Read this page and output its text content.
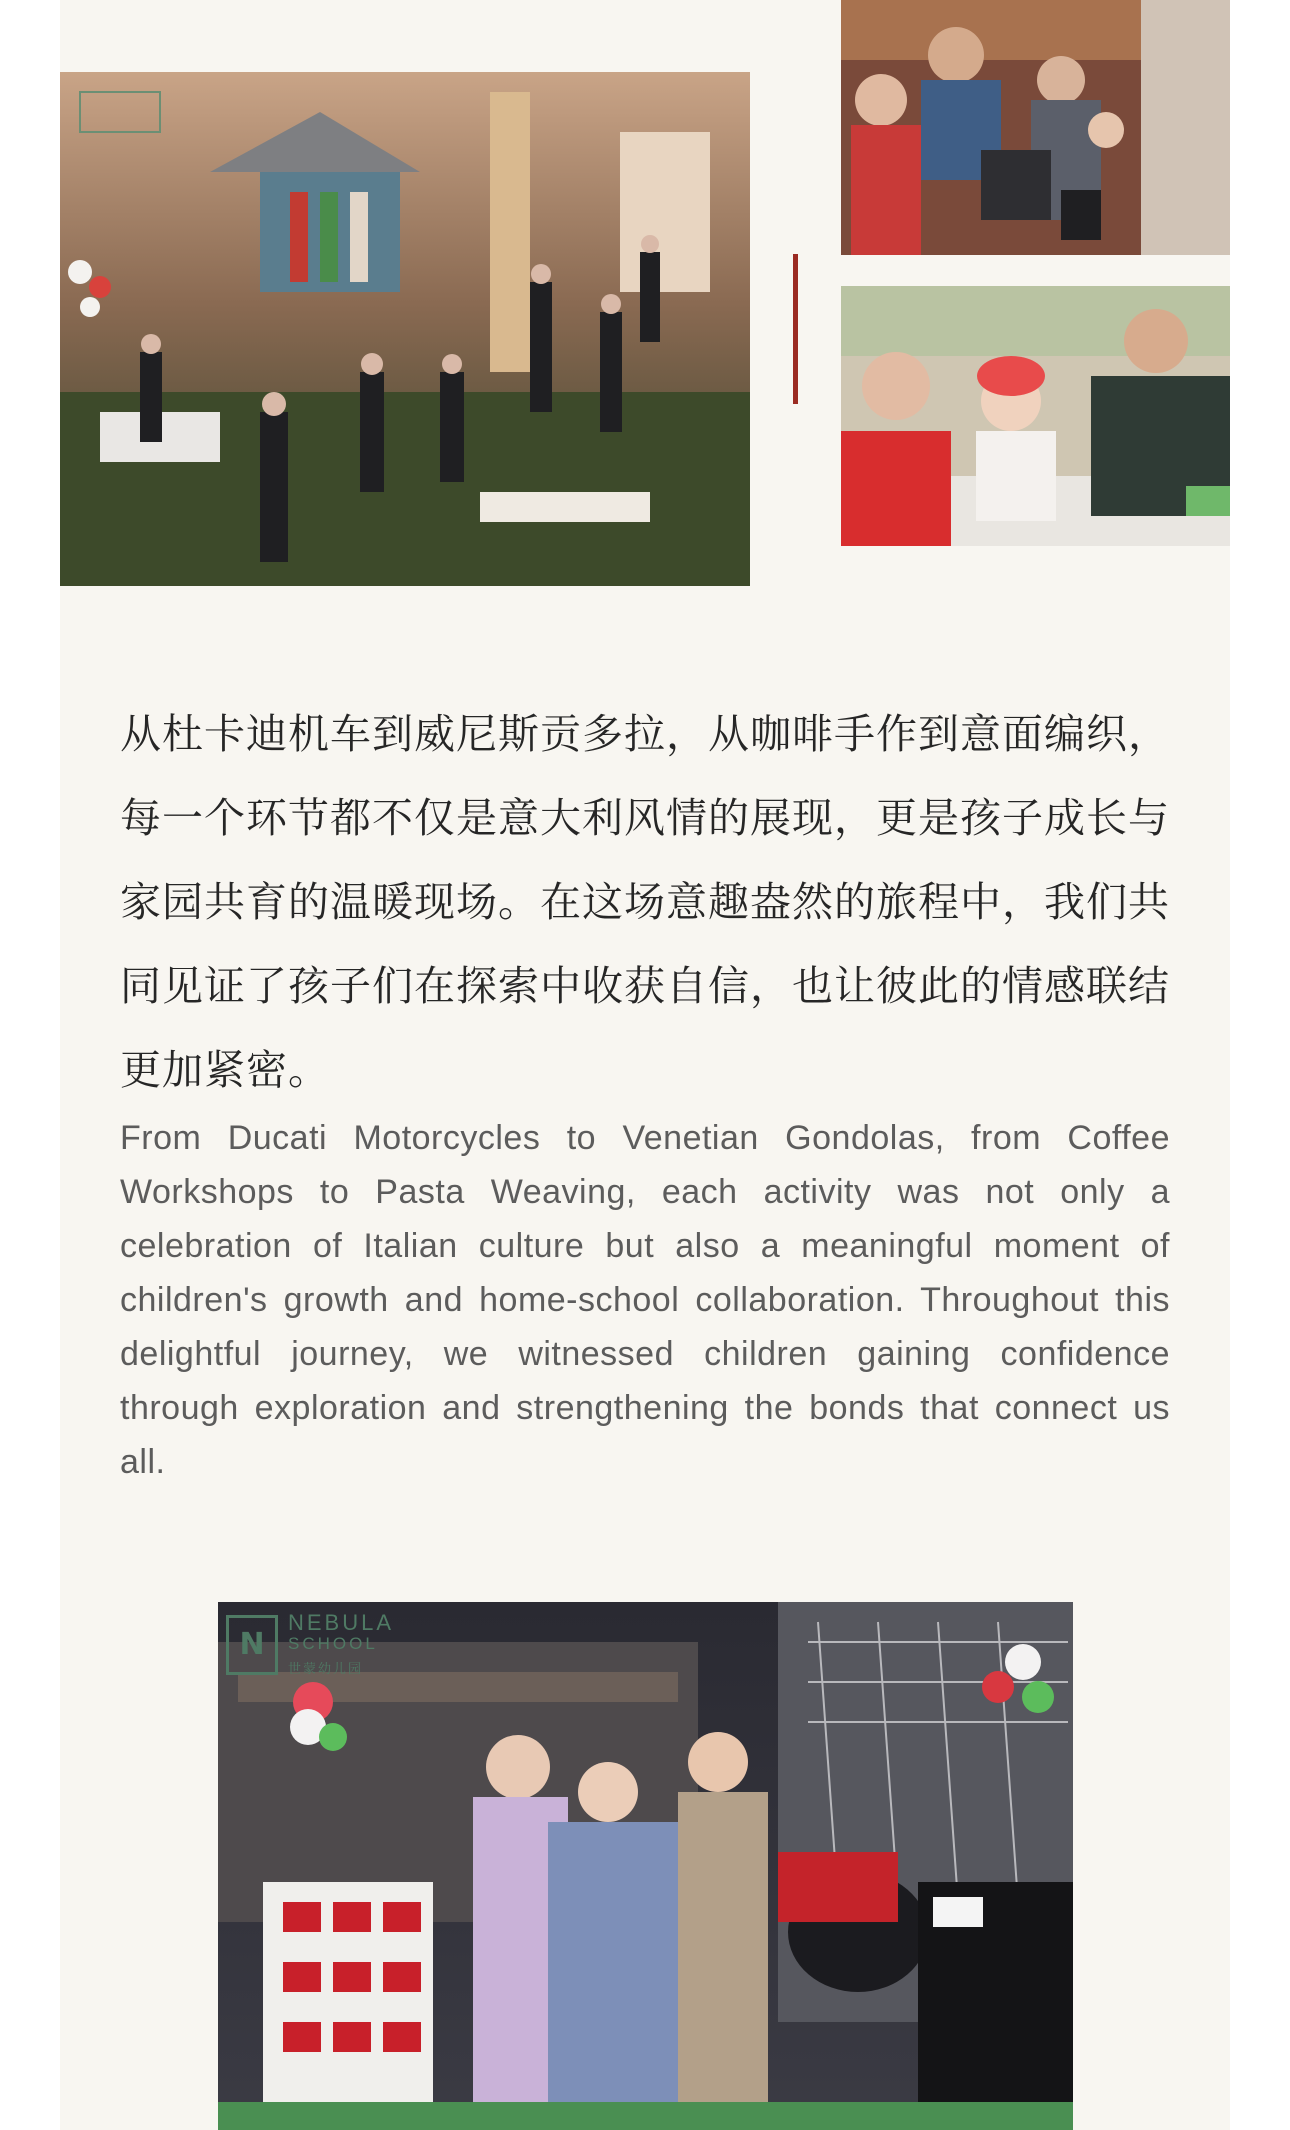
从杜卡迪机车到威尼斯贡多拉，从咖啡手作到意面编织，每一个环节都不仅是意大利风情的展现，更是孩子成长与家园共育的温暖现场。在这场意趣盎然的旅程中，我们共同见证了孩子们在探索中收获自信，也让彼此的情感联结更加紧密。

From Ducati Motorcycles to Venetian Gondolas, from Coffee Workshops to Pasta Weaving, each activity was not only a celebration of Italian culture but also a meaningful moment of children's growth and home-school collaboration. Throughout this delightful journey, we witnessed children gaining confidence through exploration and strengthening the bonds that connect us all.

N
NEBULA
SCHOOL
世蒙幼儿园
